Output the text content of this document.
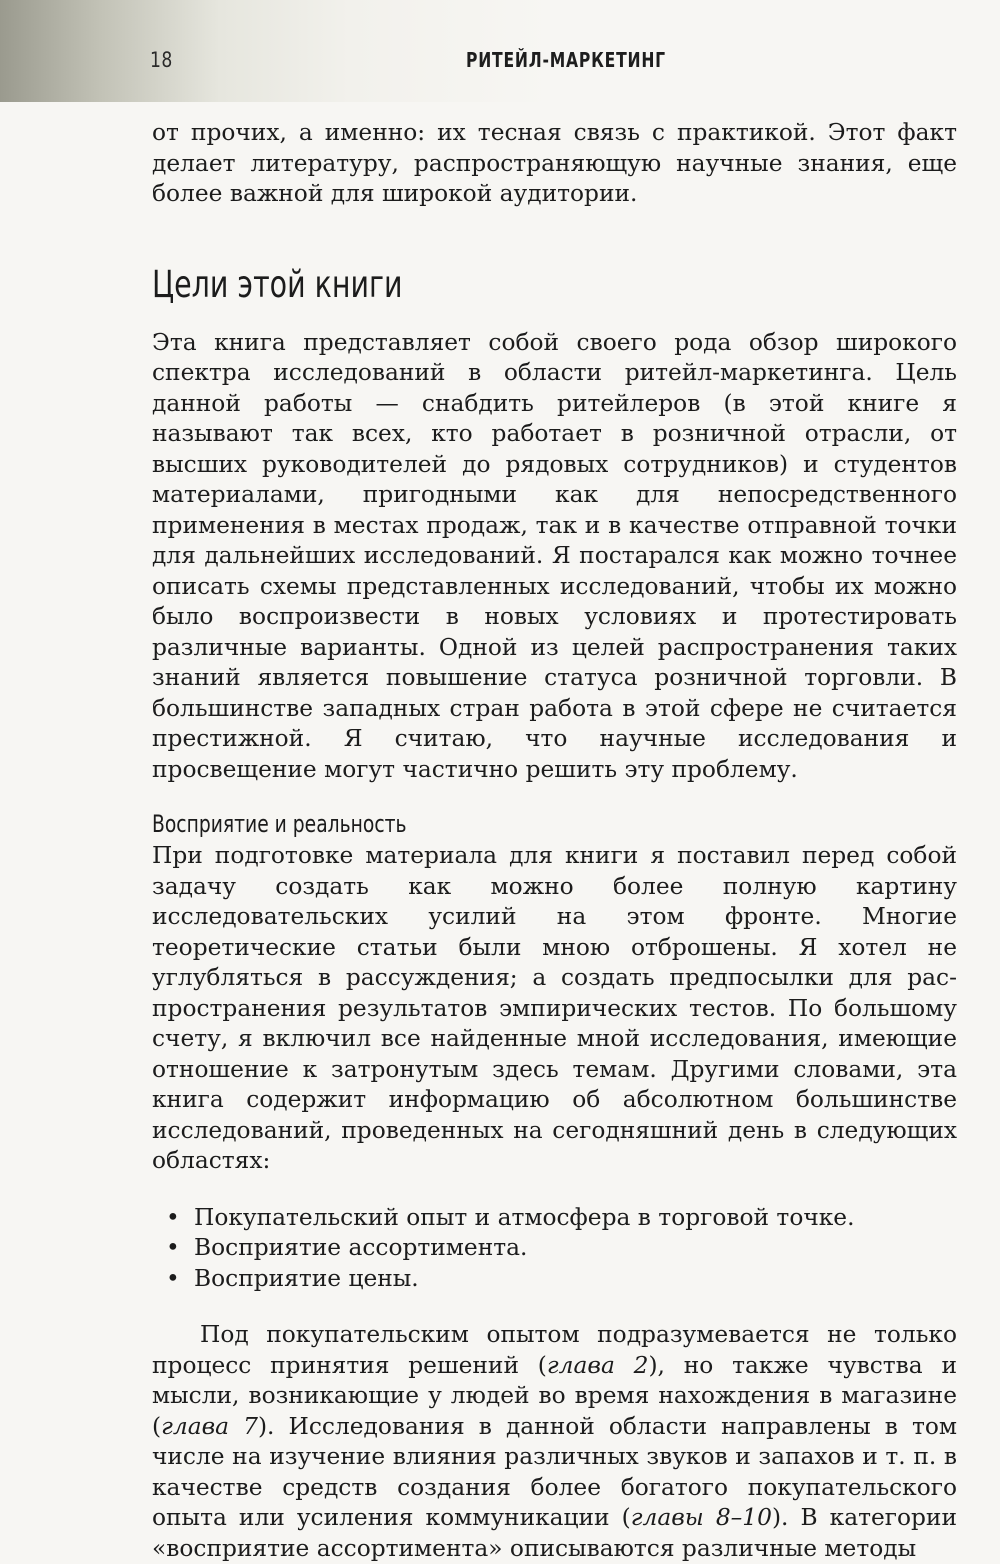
18	РИТЕЙЛ-МАРКЕТИНГ

от прочих, а именно: их тесная связь с практикой. Этот факт делает литературу, распространяющую научные знания, еще более важной для широкой аудитории.

Цели этой книги

Эта книга представляет собой своего рода обзор широкого спектра исследований в области ритейл-маркетинга. Цель данной работы — снабдить ритейлеров (в этой книге я называют так всех, кто работает в розничной отрасли, от высших руководителей до рядовых сотрудников) и студентов материалами, пригодными как для непосредственного применения в местах продаж, так и в качестве отправной точки для дальнейших исследований. Я постарался как можно точнее описать схемы представленных исследований, чтобы их можно было воспроизвести в новых условиях и протестировать различные варианты. Одной из целей распространения таких знаний является повышение статуса розничной торговли. В большинстве западных стран работа в этой сфере не считается престижной. Я считаю, что научные исследования и просвещение могут частично решить эту проблему.

Восприятие и реальность

При подготовке материала для книги я поставил перед собой задачу создать как можно более полную картину исследовательских усилий на этом фронте. Многие теоретические статьи были мною отброшены. Я хотел не углубляться в рассуждения; а создать предпосылки для распространения результатов эмпирических тестов. По большому счету, я включил все найденные мной исследования, имеющие отношение к затронутым здесь темам. Другими словами, эта книга содержит информацию об абсолютном большинстве исследований, проведенных на сегодняшний день в следующих областях:

• Покупательский опыт и атмосфера в торговой точке.
• Восприятие ассортимента.
• Восприятие цены.

Под покупательским опытом подразумевается не только процесс принятия решений (глава 2), но также чувства и мысли, возникающие у людей во время нахождения в магазине (глава 7). Исследования в данной области направлены в том числе на изучение влияния различных звуков и запахов и т. п. в качестве средств создания более богатого покупательского опыта или усиления коммуникации (главы 8–10). В категории «восприятие ассортимента» описываются различные методы
